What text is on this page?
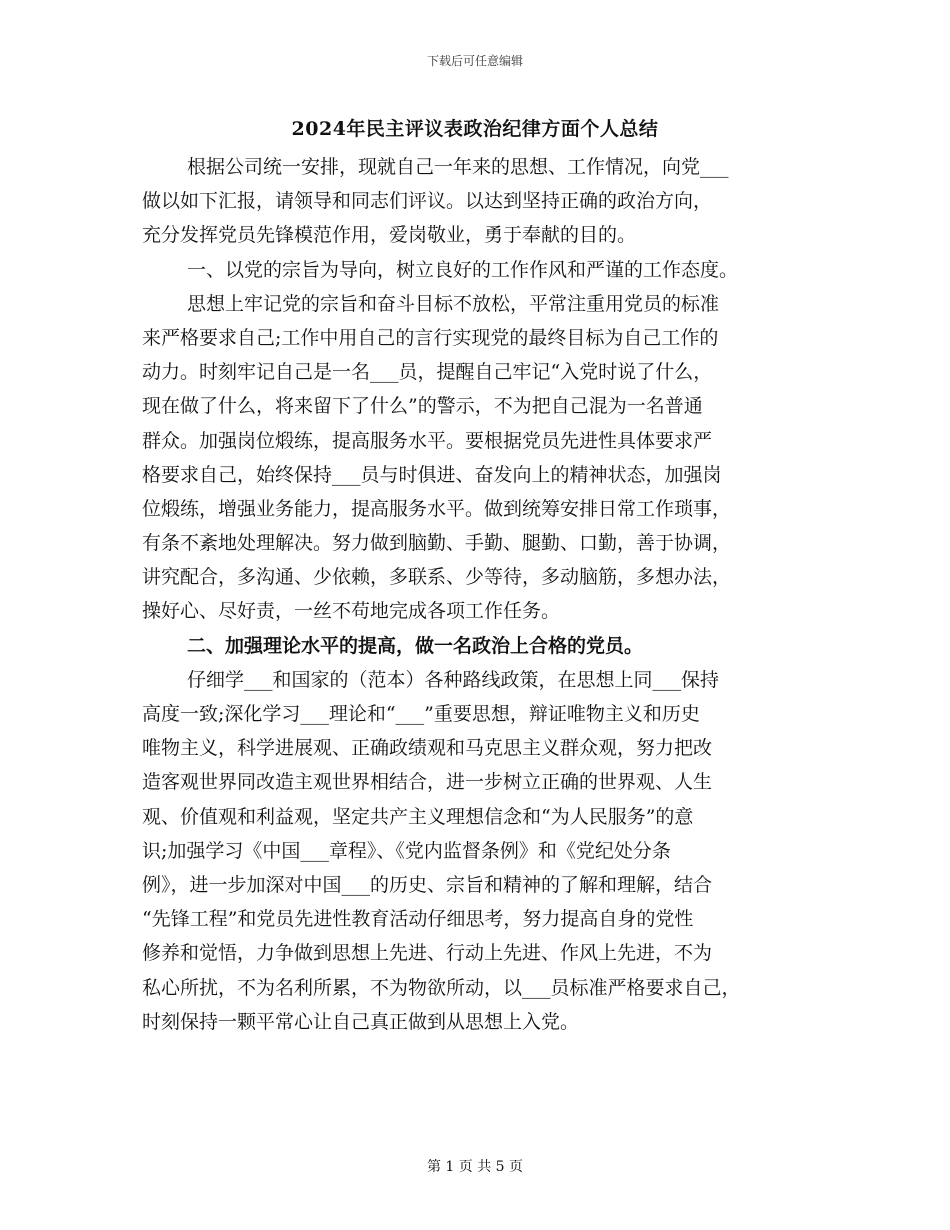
下载后可任意编辑
2024年民主评议表政治纪律方面个人总结
根据公司统一安排，现就自己一年来的思想、工作情况，向党___
做以如下汇报，请领导和同志们评议。以达到坚持正确的政治方向，
充分发挥党员先锋模范作用，爱岗敬业，勇于奉献的目的。
一、以党的宗旨为导向，树立良好的工作作风和严谨的工作态度。
思想上牢记党的宗旨和奋斗目标不放松，平常注重用党员的标准
来严格要求自己;工作中用自己的言行实现党的最终目标为自己工作的
动力。时刻牢记自己是一名___员，提醒自己牢记“入党时说了什么，
现在做了什么，将来留下了什么”的警示，不为把自己混为一名普通
群众。加强岗位煅练，提高服务水平。要根据党员先进性具体要求严
格要求自己，始终保持___员与时俱进、奋发向上的精神状态，加强岗
位煅练，增强业务能力，提高服务水平。做到统筹安排日常工作琐事，
有条不紊地处理解决。努力做到脑勤、手勤、腿勤、口勤，善于协调，
讲究配合，多沟通、少依赖，多联系、少等待，多动脑筋，多想办法，
操好心、尽好责，一丝不苟地完成各项工作任务。
二、加强理论水平的提高，做一名政治上合格的党员。
仔细学___和国家的（范本）各种路线政策，在思想上同___保持
高度一致;深化学习___理论和“___”重要思想，辩证唯物主义和历史
唯物主义，科学进展观、正确政绩观和马克思主义群众观，努力把改
造客观世界同改造主观世界相结合，进一步树立正确的世界观、人生
观、价值观和利益观，坚定共产主义理想信念和“为人民服务”的意
识;加强学习《中国___章程》、《党内监督条例》和《党纪处分条
例》，进一步加深对中国___的历史、宗旨和精神的了解和理解，结合
“先锋工程”和党员先进性教育活动仔细思考，努力提高自身的党性
修养和觉悟，力争做到思想上先进、行动上先进、作风上先进，不为
私心所扰，不为名利所累，不为物欲所动，以___员标准严格要求自己，
时刻保持一颗平常心让自己真正做到从思想上入党。
第 1 页 共 5 页
